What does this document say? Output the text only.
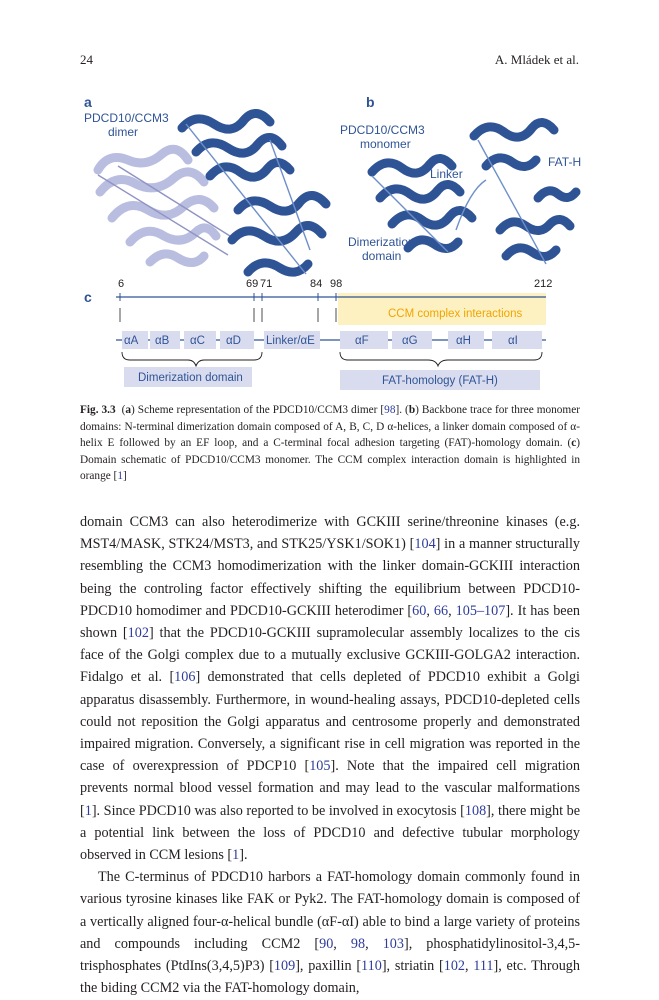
24	A. Mládek et al.
a
PDCD10/CCM3
dimer
b
PDCD10/CCM3
monomer
Linker
FAT-H
Dimerization
domain
c
6	69 71	84 98	212
CCM complex interactions
αA αB αC αD Linker/αE	αF	αG	αH	αI
Dimerization domain	FAT-homology (FAT-H)
Fig. 3.3 (a) Scheme representation of the PDCD10/CCM3 dimer [98]. (b) Backbone trace for three monomer domains: N-terminal dimerization domain composed of A, B, C, D α-helices, a linker domain composed of α-helix E followed by an EF loop, and a C-terminal focal adhesion targeting (FAT)-homology domain. (c) Domain schematic of PDCD10/CCM3 monomer. The CCM complex interaction domain is highlighted in orange [1]

domain CCM3 can also heterodimerize with GCKIII serine/threonine kinases (e.g. MST4/MASK, STK24/MST3, and STK25/YSK1/SOK1) [104] in a manner structurally resembling the CCM3 homodimerization with the linker domain-GCKIII interaction being the controling factor effectively shifting the equilibrium between PDCD10-PDCD10 homodimer and PDCD10-GCKIII heterodimer [60, 66, 105–107]. It has been shown [102] that the PDCD10-GCKIII supramolecular assembly localizes to the cis face of the Golgi complex due to a mutually exclusive GCKIII-GOLGA2 interaction. Fidalgo et al. [106] demonstrated that cells depleted of PDCD10 exhibit a Golgi apparatus disassembly. Furthermore, in wound-healing assays, PDCD10-depleted cells could not reposition the Golgi apparatus and centrosome properly and demonstrated impaired migration. Conversely, a significant rise in cell migration was reported in the case of overexpression of PDCP10 [105]. Note that the impaired cell migration prevents normal blood vessel formation and may lead to the vascular malformations [1]. Since PDCD10 was also reported to be involved in exocytosis [108], there might be a potential link between the loss of PDCD10 and defective tubular morphology observed in CCM lesions [1].

The C-terminus of PDCD10 harbors a FAT-homology domain commonly found in various tyrosine kinases like FAK or Pyk2. The FAT-homology domain is composed of a vertically aligned four-α-helical bundle (αF-αI) able to bind a large variety of proteins and compounds including CCM2 [90, 98, 103], phosphatidylinositol-3,4,5-trisphosphates (PtdIns(3,4,5)P3) [109], paxillin [110], striatin [102, 111], etc. Through the biding CCM2 via the FAT-homology domain,
